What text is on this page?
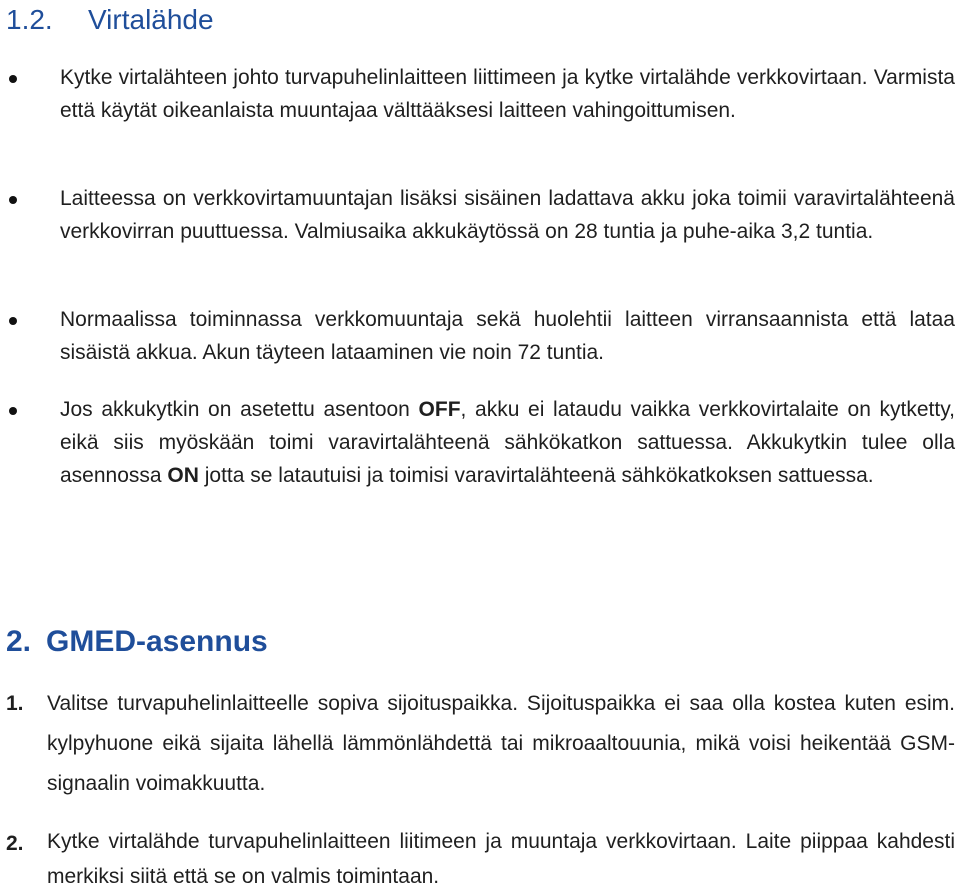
1.2. Virtalähde

Kytke virtalähteen johto turvapuhelinlaitteen liittimeen ja kytke virtalähde verkkovirtaan. Varmista että käytät oikeanlaista muuntajaa välttääksesi laitteen vahingoittumisen.

Laitteessa on verkkovirtamuuntajan lisäksi sisäinen ladattava akku joka toimii varavirtalähteenä verkkovirran puuttuessa. Valmiusaika akkukäytössä on 28 tuntia ja puhe-aika 3,2 tuntia.

Normaalissa toiminnassa verkkomuuntaja sekä huolehtii laitteen virransaannista että lataa sisäistä akkua. Akun täyteen lataaminen vie noin 72 tuntia.

Jos akkukytkin on asetettu asentoon OFF, akku ei lataudu vaikka verkkovirtalaite on kytketty, eikä siis myöskään toimi varavirtalähteenä sähkökatkon sattuessa. Akkukytkin tulee olla asennossa ON jotta se latautuisi ja toimisi varavirtalähteenä sähkökatkoksen sattuessa.

2. GMED-asennus
1. Valitse turvapuhelinlaitteelle sopiva sijoituspaikka. Sijoituspaikka ei saa olla kostea kuten esim. kylpyhuone eikä sijaita lähellä lämmönlähdettä tai mikroaaltouunia, mikä voisi heikentää GSM-signaalin voimakkuutta.

2. Kytke virtalähde turvapuhelinlaitteen liitimeen ja muuntaja verkkovirtaan. Laite piippaa kahdesti merkiksi siitä että se on valmis toimintaan.
